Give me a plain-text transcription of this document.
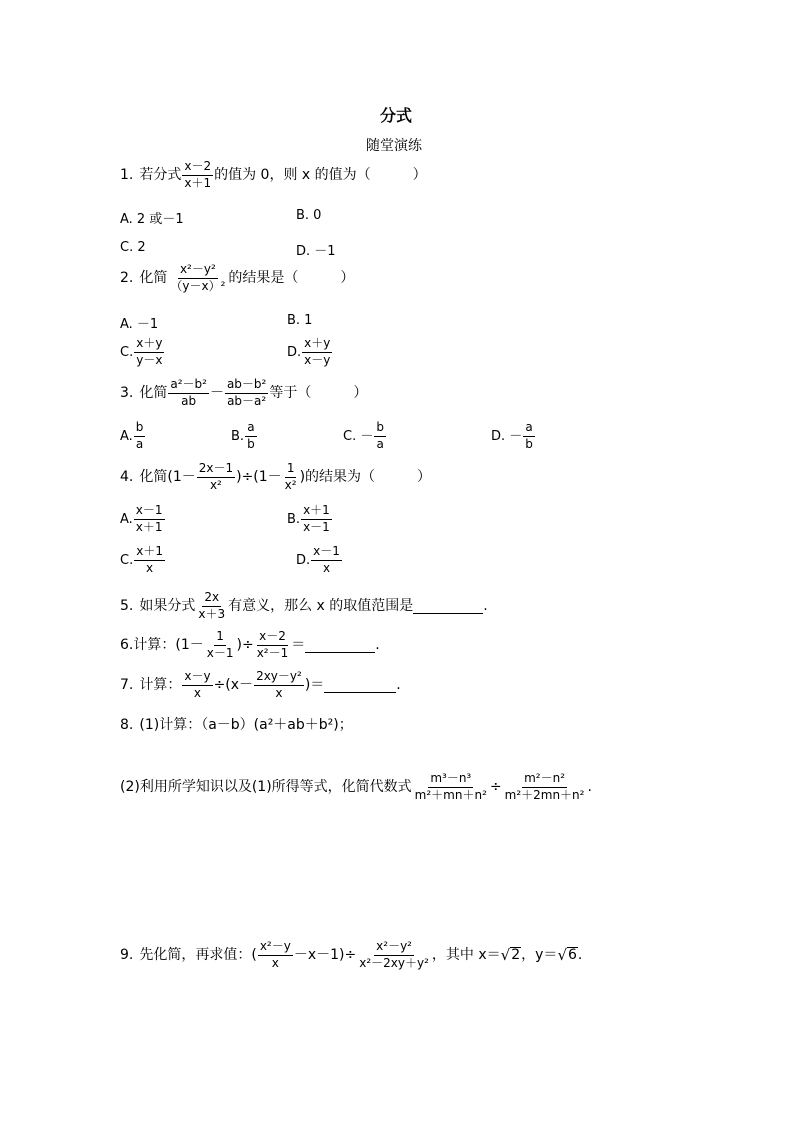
分式
随堂演练
1. 若分式 $\frac{x-2}{x+1}$ 的值为 0，则 x 的值为（　　　）
A. 2 或－1	B. 0
C. 2	D. －1
2. 化简 $\frac{\text{x²－y²}}{\text{（y－x）²}}$ 的结果是（　　　）
A. －1	B. 1
C. $\frac{x+y}{y-x}$	D. $\frac{x+y}{x-y}$
3. 化简 $\frac{\text{a²－b²}}{ab} - \frac{\text{ab－b²}}{\text{ab－a²}}$ 等于（　　　）
A. $\frac{b}{a}$	B. $\frac{a}{b}$	C. － $\frac{b}{a}$	D. － $\frac{a}{b}$
4. 化简 $(1- \frac{2x-1}{\text{x²}} )\div(1- \frac{1}{\text{x²}}$ )的结果为（　　　）
A. $\frac{x-1}{x+1}$	B. $\frac{x+1}{x-1}$
C. $\frac{x+1}{x}$	D. $\frac{x-1}{x}$
5. 如果分式 $\frac{2x}{x+3}$ 有意义，那么 x 的取值范围是	.
6. 计算： ($1- \frac{1}{x-1}$ )÷ $\frac{x-2}{\text{x²－1}}$ ＝	.
7. 计算： $\frac{x-y}{x} \div(x- \frac{\text{2xy－y²}}{x}$ )＝	.
8. (1)计算：（a－b）(a²＋ab＋b²)；
(2)利用所学知识以及(1)所得等式，化简代数式 $\frac{\text{m³－n³}}{\text{m²＋mn＋n²}} \div \frac{\text{m²－n²}}{\text{m²＋2mn＋n²}}$ .
9. 先化简，再求值：( $\frac{\text{x²－y}}{x} -x-1)\div \frac{\text{x²－y²}}{\text{x²－2xy＋y²}}$ ，其中 x＝ √ 2 ，y＝ √ 6 .
